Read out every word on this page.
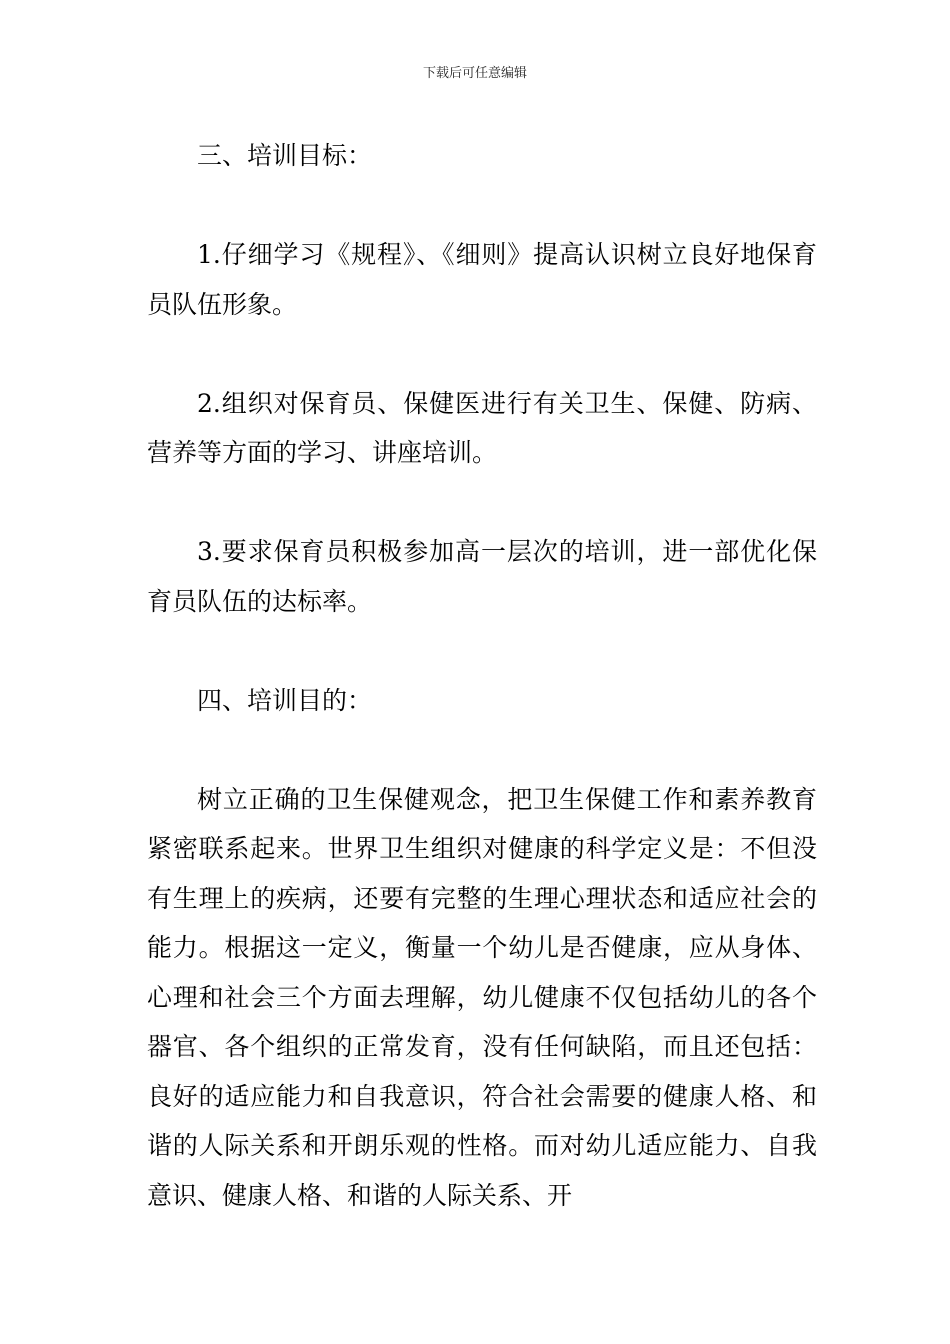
下载后可任意编辑

三、培训目标：

1.仔细学习《规程》、《细则》提高认识树立良好地保育员队伍形象。

2.组织对保育员、保健医进行有关卫生、保健、防病、营养等方面的学习、讲座培训。

3.要求保育员积极参加高一层次的培训，进一部优化保育员队伍的达标率。

四、培训目的：

树立正确的卫生保健观念，把卫生保健工作和素养教育紧密联系起来。世界卫生组织对健康的科学定义是：不但没有生理上的疾病，还要有完整的生理心理状态和适应社会的能力。根据这一定义，衡量一个幼儿是否健康，应从身体、心理和社会三个方面去理解，幼儿健康不仅包括幼儿的各个器官、各个组织的正常发育，没有任何缺陷，而且还包括：良好的适应能力和自我意识，符合社会需要的健康人格、和谐的人际关系和开朗乐观的性格。而对幼儿适应能力、自我意识、健康人格、和谐的人际关系、开
